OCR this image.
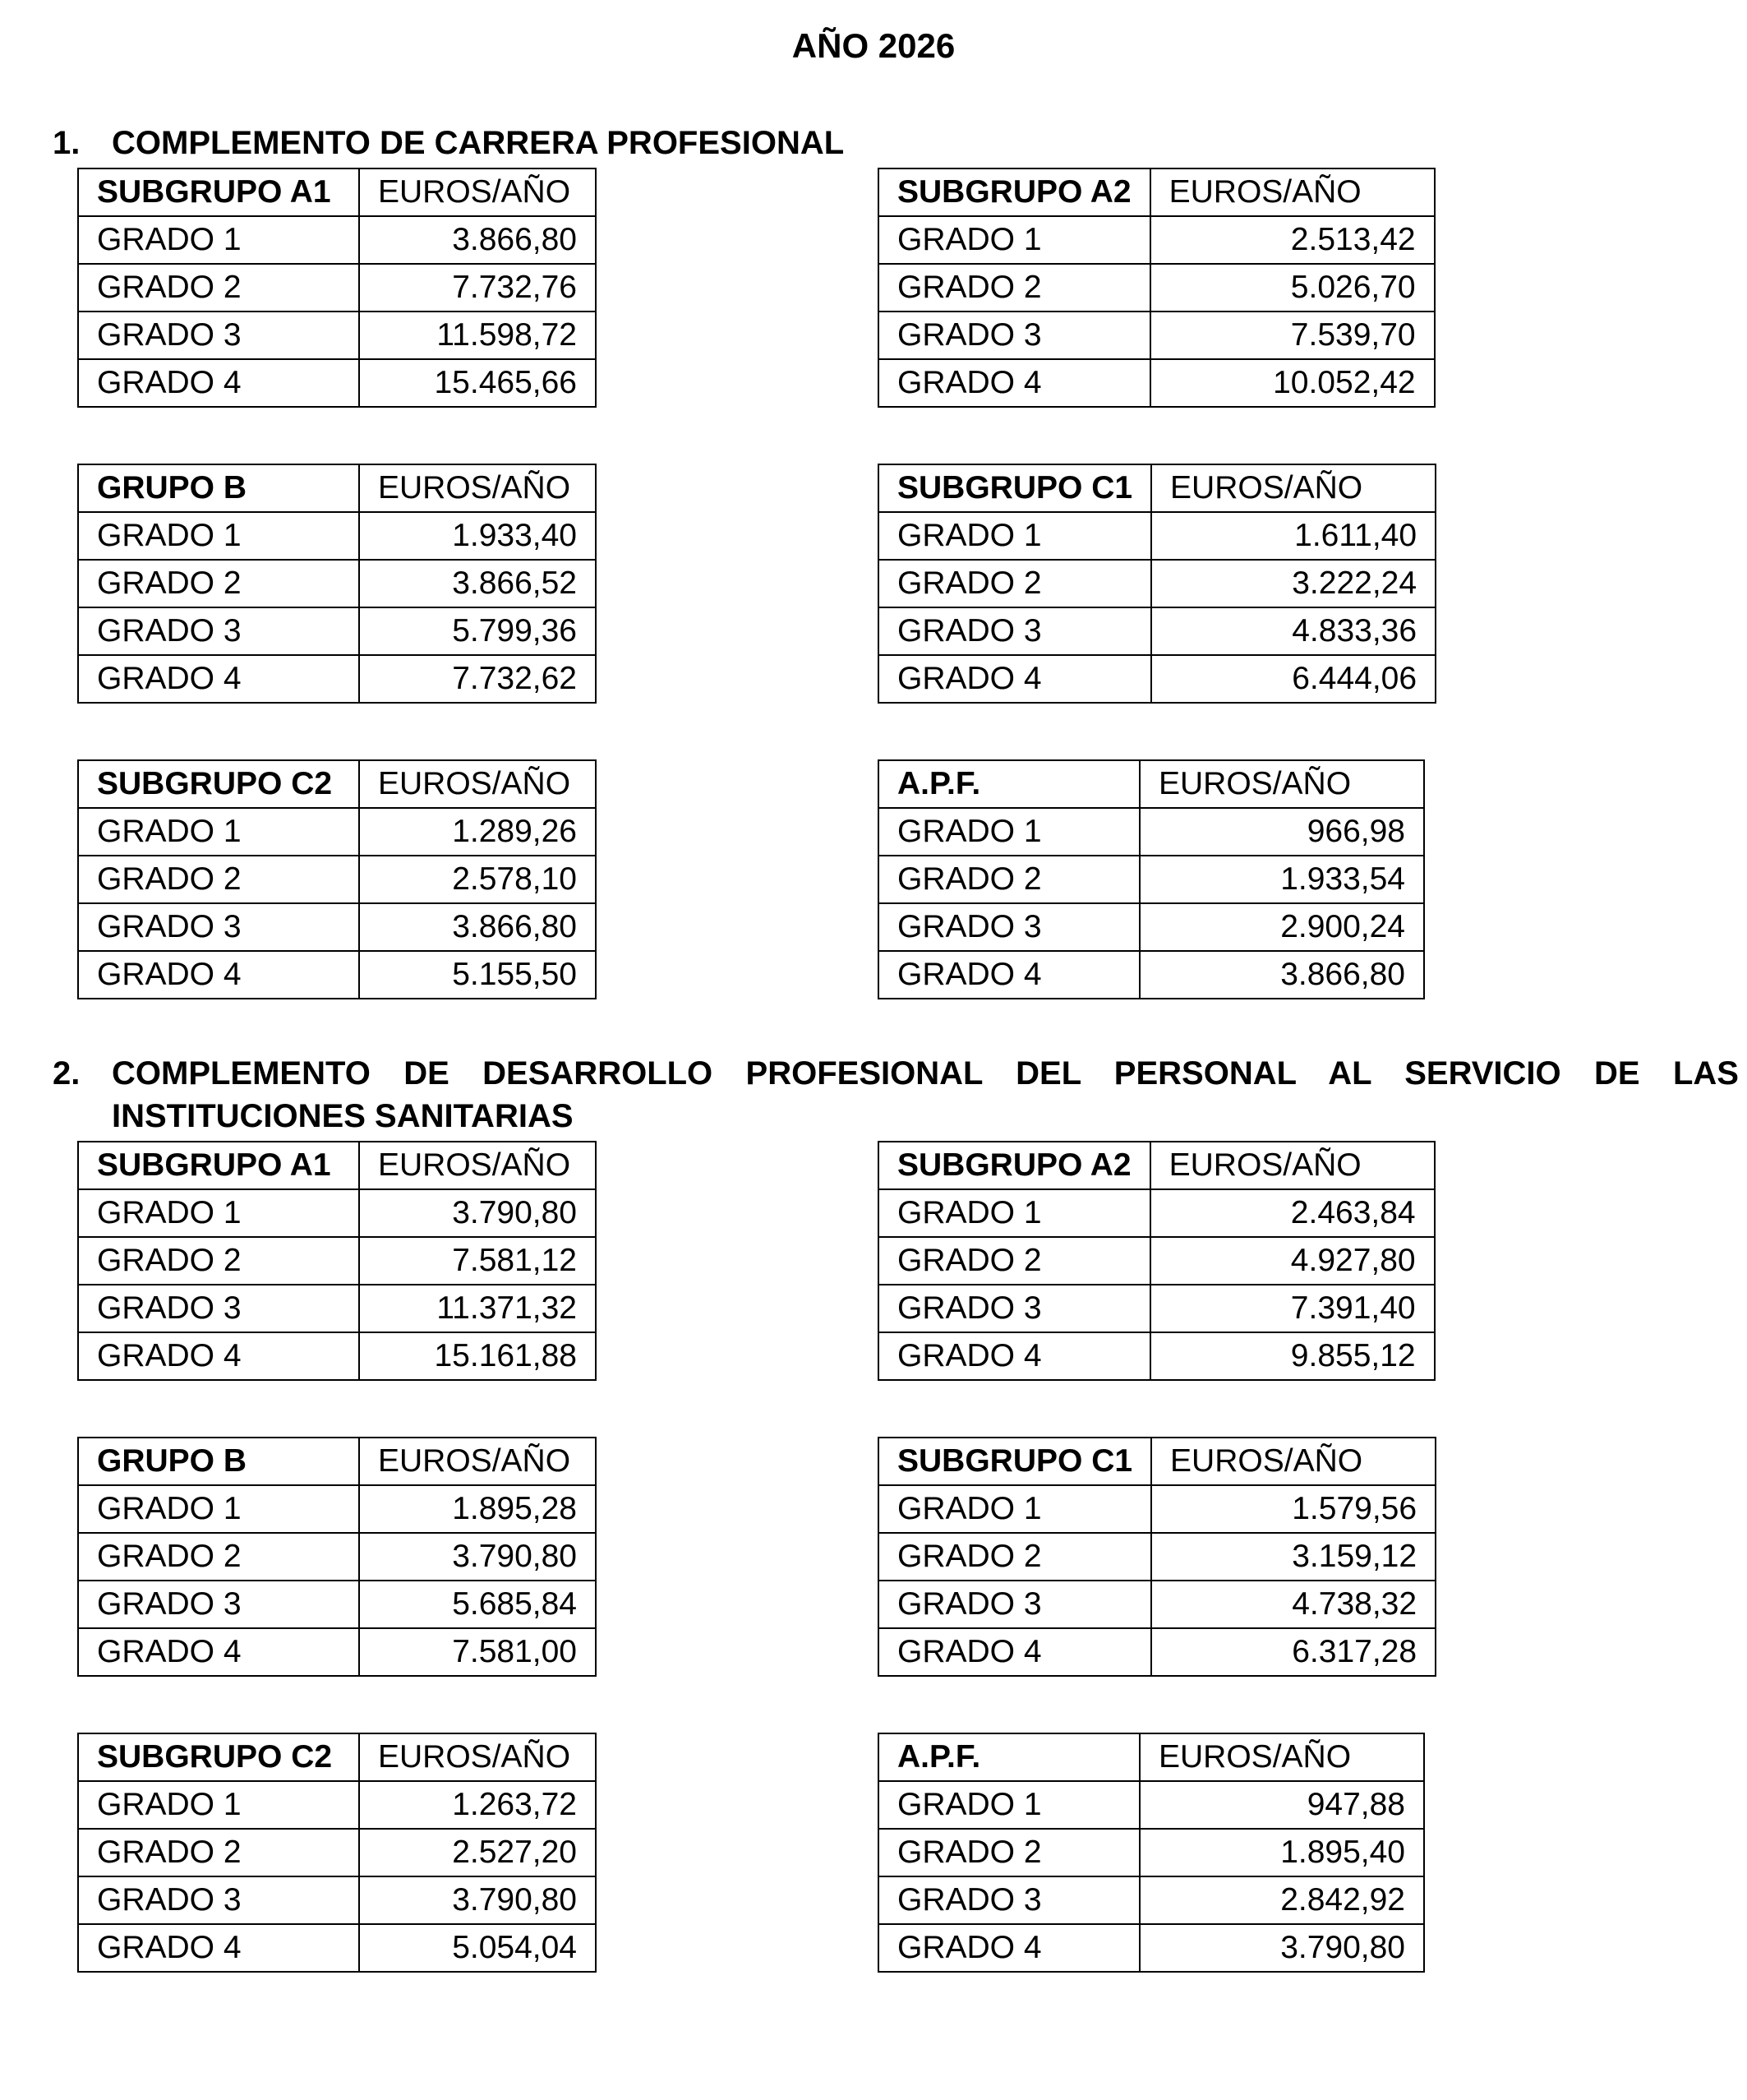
AÑO 2026
1. COMPLEMENTO DE CARRERA PROFESIONAL
2. COMPLEMENTO DE DESARROLLO PROFESIONAL DEL PERSONAL AL SERVICIO DE LAS INSTITUCIONES SANITARIAS
SUBGRUPO A1	EUROS/AÑO
GRADO 1	3.866,80
GRADO 2	7.732,76
GRADO 3	11.598,72
GRADO 4	15.465,66
SUBGRUPO A2	EUROS/AÑO
GRADO 1	2.513,42
GRADO 2	5.026,70
GRADO 3	7.539,70
GRADO 4	10.052,42
GRUPO B	EUROS/AÑO
GRADO 1	1.933,40
GRADO 2	3.866,52
GRADO 3	5.799,36
GRADO 4	7.732,62
SUBGRUPO C1	EUROS/AÑO
GRADO 1	1.611,40
GRADO 2	3.222,24
GRADO 3	4.833,36
GRADO 4	6.444,06
SUBGRUPO C2	EUROS/AÑO
GRADO 1	1.289,26
GRADO 2	2.578,10
GRADO 3	3.866,80
GRADO 4	5.155,50
A.P.F.	EUROS/AÑO
GRADO 1	966,98
GRADO 2	1.933,54
GRADO 3	2.900,24
GRADO 4	3.866,80
SUBGRUPO A1	EUROS/AÑO
GRADO 1	3.790,80
GRADO 2	7.581,12
GRADO 3	11.371,32
GRADO 4	15.161,88
SUBGRUPO A2	EUROS/AÑO
GRADO 1	2.463,84
GRADO 2	4.927,80
GRADO 3	7.391,40
GRADO 4	9.855,12
GRUPO B	EUROS/AÑO
GRADO 1	1.895,28
GRADO 2	3.790,80
GRADO 3	5.685,84
GRADO 4	7.581,00
SUBGRUPO C1	EUROS/AÑO
GRADO 1	1.579,56
GRADO 2	3.159,12
GRADO 3	4.738,32
GRADO 4	6.317,28
SUBGRUPO C2	EUROS/AÑO
GRADO 1	1.263,72
GRADO 2	2.527,20
GRADO 3	3.790,80
GRADO 4	5.054,04
A.P.F.	EUROS/AÑO
GRADO 1	947,88
GRADO 2	1.895,40
GRADO 3	2.842,92
GRADO 4	3.790,80
